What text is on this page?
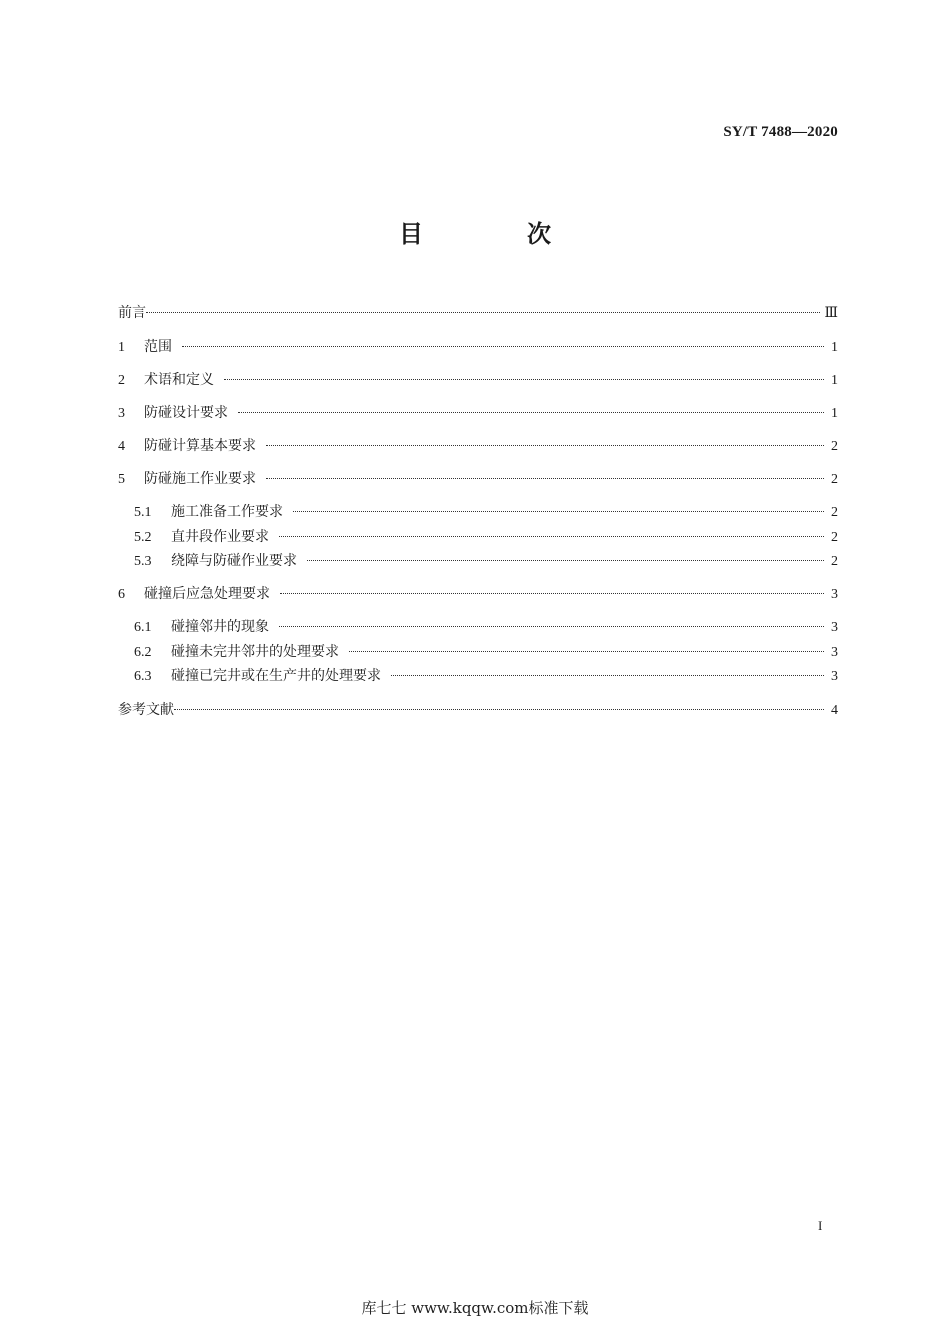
SY/T 7488—2020
目　次
前言	Ⅲ
1	范围	1
2	术语和定义	1
3	防碰设计要求	1
4	防碰计算基本要求	2
5	防碰施工作业要求	2
5.1	施工准备工作要求	2
5.2	直井段作业要求	2
5.3	绕障与防碰作业要求	2
6	碰撞后应急处理要求	3
6.1	碰撞邻井的现象	3
6.2	碰撞未完井邻井的处理要求	3
6.3	碰撞已完井或在生产井的处理要求	3
参考文献	4
I
库七七 www.kqqw.com标准下载
